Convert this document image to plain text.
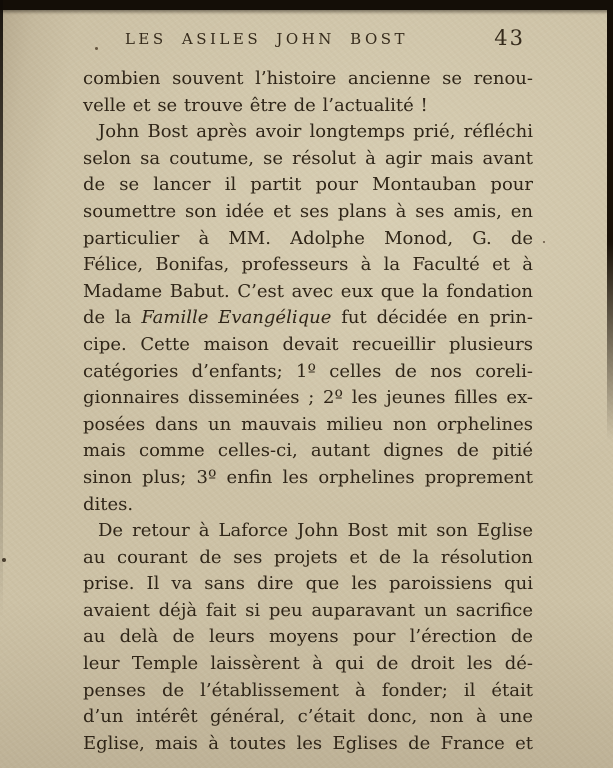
LES ASILES JOHN BOST	43
combien souvent l’histoire ancienne se renou-
velle et se trouve être de l’actualité !
John Bost après avoir longtemps prié, réfléchi
selon sa coutume, se résolut à agir mais avant
de se lancer il partit pour Montauban pour
soumettre son idée et ses plans à ses amis, en
particulier à MM. Adolphe Monod, G. de
Félice, Bonifas, professeurs à la Faculté et à
Madame Babut. C’est avec eux que la fondation
de la Famille Evangélique fut décidée en prin-
cipe. Cette maison devait recueillir plusieurs
catégories d’enfants; 1º celles de nos coreli-
gionnaires disseminées ; 2º les jeunes filles ex-
posées dans un mauvais milieu non orphelines
mais comme celles-ci, autant dignes de pitié
sinon plus; 3º enfin les orphelines proprement
dites.
De retour à Laforce John Bost mit son Eglise
au courant de ses projets et de la résolution
prise. Il va sans dire que les paroissiens qui
avaient déjà fait si peu auparavant un sacrifice
au delà de leurs moyens pour l’érection de
leur Temple laissèrent à qui de droit les dé-
penses de l’établissement à fonder; il était
d’un intérêt général, c’était donc, non à une
Eglise, mais à toutes les Eglises de France et
